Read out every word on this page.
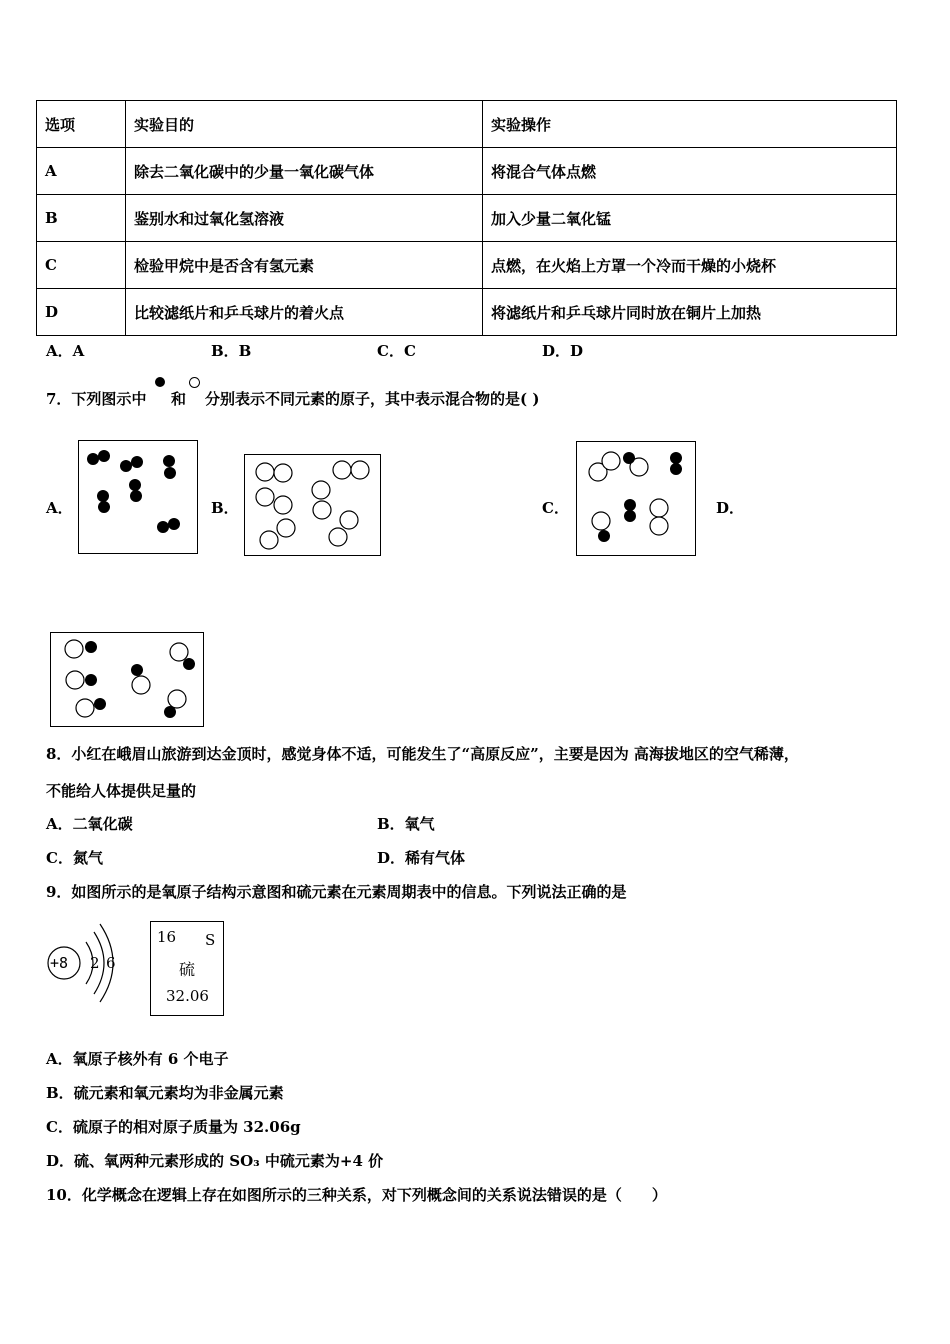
选项	实验目的	实验操作
A	除去二氧化碳中的少量一氧化碳气体	将混合气体点燃
B	鉴别水和过氧化氢溶液	加入少量二氧化锰
C	检验甲烷中是否含有氢元素	点燃，在火焰上方罩一个冷而干燥的小烧杯
D	比较滤纸片和乒乓球片的着火点	将滤纸片和乒乓球片同时放在铜片上加热
A．A	B．B	C．C	D．D
7．下列图示中 和 分别表示不同元素的原子，其中表示混合物的是( )
A．	B．	C．	D．
8．小红在峨眉山旅游到达金顶时，感觉身体不适，可能发生了“高原反应”，主要是因为 高海拔地区的空气稀薄，
不能给人体提供足量的
A．二氧化碳	B．氧气
C．氮气	D．稀有气体
9．如图所示的是氧原子结构示意图和硫元素在元素周期表中的信息。下列说法正确的是
+8 2 6
16 S
硫
32.06
A．氧原子核外有 6 个电子
B．硫元素和氧元素均为非金属元素
C．硫原子的相对原子质量为 32.06g
D．硫、氧两种元素形成的 SO₃ 中硫元素为+4 价
10．化学概念在逻辑上存在如图所示的三种关系，对下列概念间的关系说法错误的是（　　）
